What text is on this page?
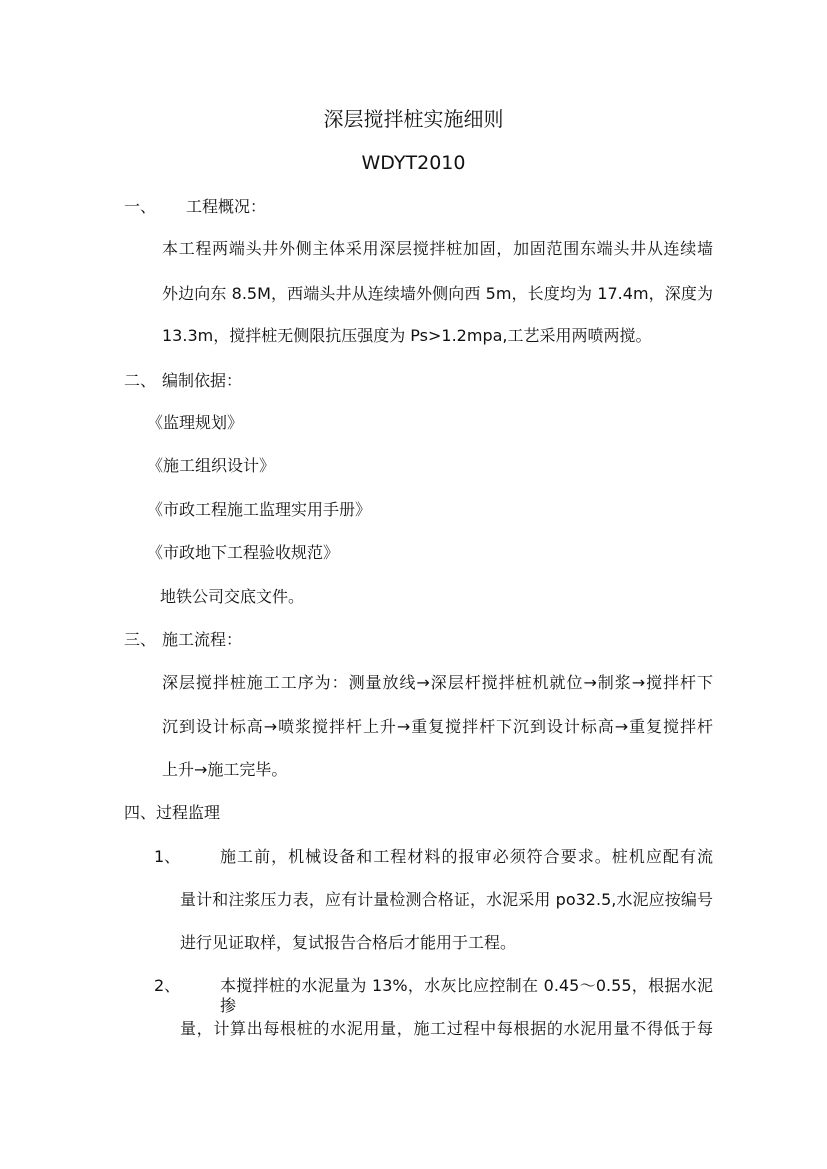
深层搅拌桩实施细则
WDYT2010
一、 工程概况：
本工程两端头井外侧主体采用深层搅拌桩加固，加固范围东端头井从连续墙
外边向东 8.5M，西端头井从连续墙外侧向西 5m，长度均为 17.4m，深度为
13.3m，搅拌桩无侧限抗压强度为 Ps>1.2mpa,工艺采用两喷两搅。
二、 编制依据：
《监理规划》
《施工组织设计》
《市政工程施工监理实用手册》
《市政地下工程验收规范》
地铁公司交底文件。
三、 施工流程：
深层搅拌桩施工工序为：测量放线→深层杆搅拌桩机就位→制浆→搅拌杆下
沉到设计标高→喷浆搅拌杆上升→重复搅拌杆下沉到设计标高→重复搅拌杆
上升→施工完毕。
四、过程监理
1、 施工前，机械设备和工程材料的报审必须符合要求。桩机应配有流
量计和注浆压力表，应有计量检测合格证，水泥采用 po32.5,水泥应按编号
进行见证取样，复试报告合格后才能用于工程。
2、 本搅拌桩的水泥量为 13%，水灰比应控制在 0.45～0.55，根据水泥掺
量，计算出每根桩的水泥用量，施工过程中每根据的水泥用量不得低于每
